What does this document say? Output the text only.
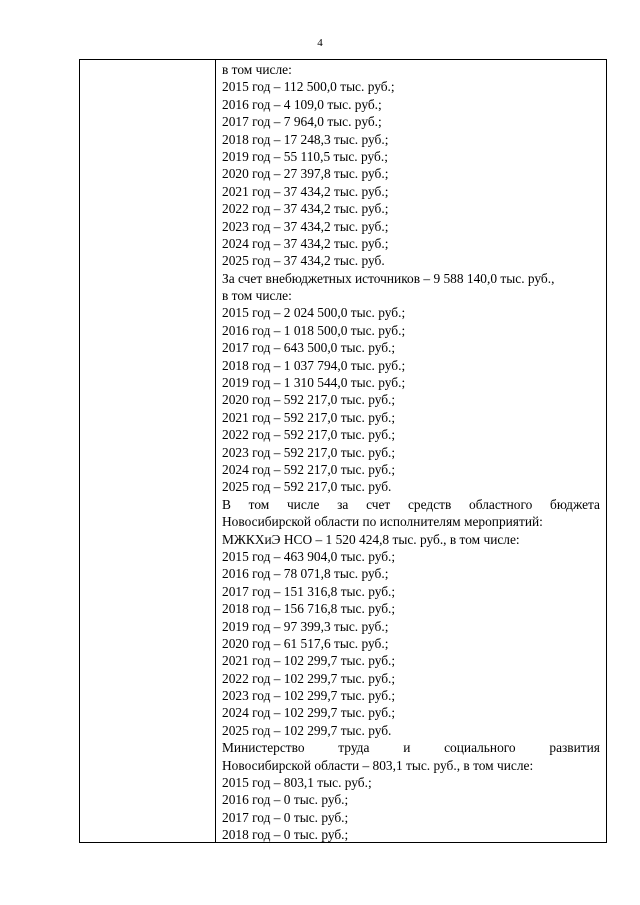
4
в том числе:
2015 год – 112 500,0 тыс. руб.;
2016 год – 4 109,0 тыс. руб.;
2017 год – 7 964,0 тыс. руб.;
2018 год – 17 248,3 тыс. руб.;
2019 год – 55 110,5 тыс. руб.;
2020 год – 27 397,8 тыс. руб.;
2021 год – 37 434,2 тыс. руб.;
2022 год – 37 434,2 тыс. руб.;
2023 год – 37 434,2 тыс. руб.;
2024 год – 37 434,2 тыс. руб.;
2025 год – 37 434,2 тыс. руб.
За счет внебюджетных источников – 9 588 140,0 тыс. руб.,
в том числе:
2015 год – 2 024 500,0 тыс. руб.;
2016 год – 1 018 500,0 тыс. руб.;
2017 год – 643 500,0 тыс. руб.;
2018 год – 1 037 794,0 тыс. руб.;
2019 год – 1 310 544,0 тыс. руб.;
2020 год – 592 217,0 тыс. руб.;
2021 год – 592 217,0 тыс. руб.;
2022 год – 592 217,0 тыс. руб.;
2023 год – 592 217,0 тыс. руб.;
2024 год – 592 217,0 тыс. руб.;
2025 год – 592 217,0 тыс. руб.
В том числе за счет средств областного бюджета
Новосибирской области по исполнителям мероприятий:
МЖКХиЭ НСО – 1 520 424,8 тыс. руб., в том числе:
2015 год – 463 904,0 тыс. руб.;
2016 год – 78 071,8 тыс. руб.;
2017 год – 151 316,8 тыс. руб.;
2018 год – 156 716,8 тыс. руб.;
2019 год – 97 399,3 тыс. руб.;
2020 год – 61 517,6 тыс. руб.;
2021 год – 102 299,7 тыс. руб.;
2022 год – 102 299,7 тыс. руб.;
2023 год – 102 299,7 тыс. руб.;
2024 год – 102 299,7 тыс. руб.;
2025 год – 102 299,7 тыс. руб.
Министерство	труда	и	социального	развития
Новосибирской области – 803,1 тыс. руб., в том числе:
2015 год – 803,1 тыс. руб.;
2016 год – 0 тыс. руб.;
2017 год – 0 тыс. руб.;
2018 год – 0 тыс. руб.;
